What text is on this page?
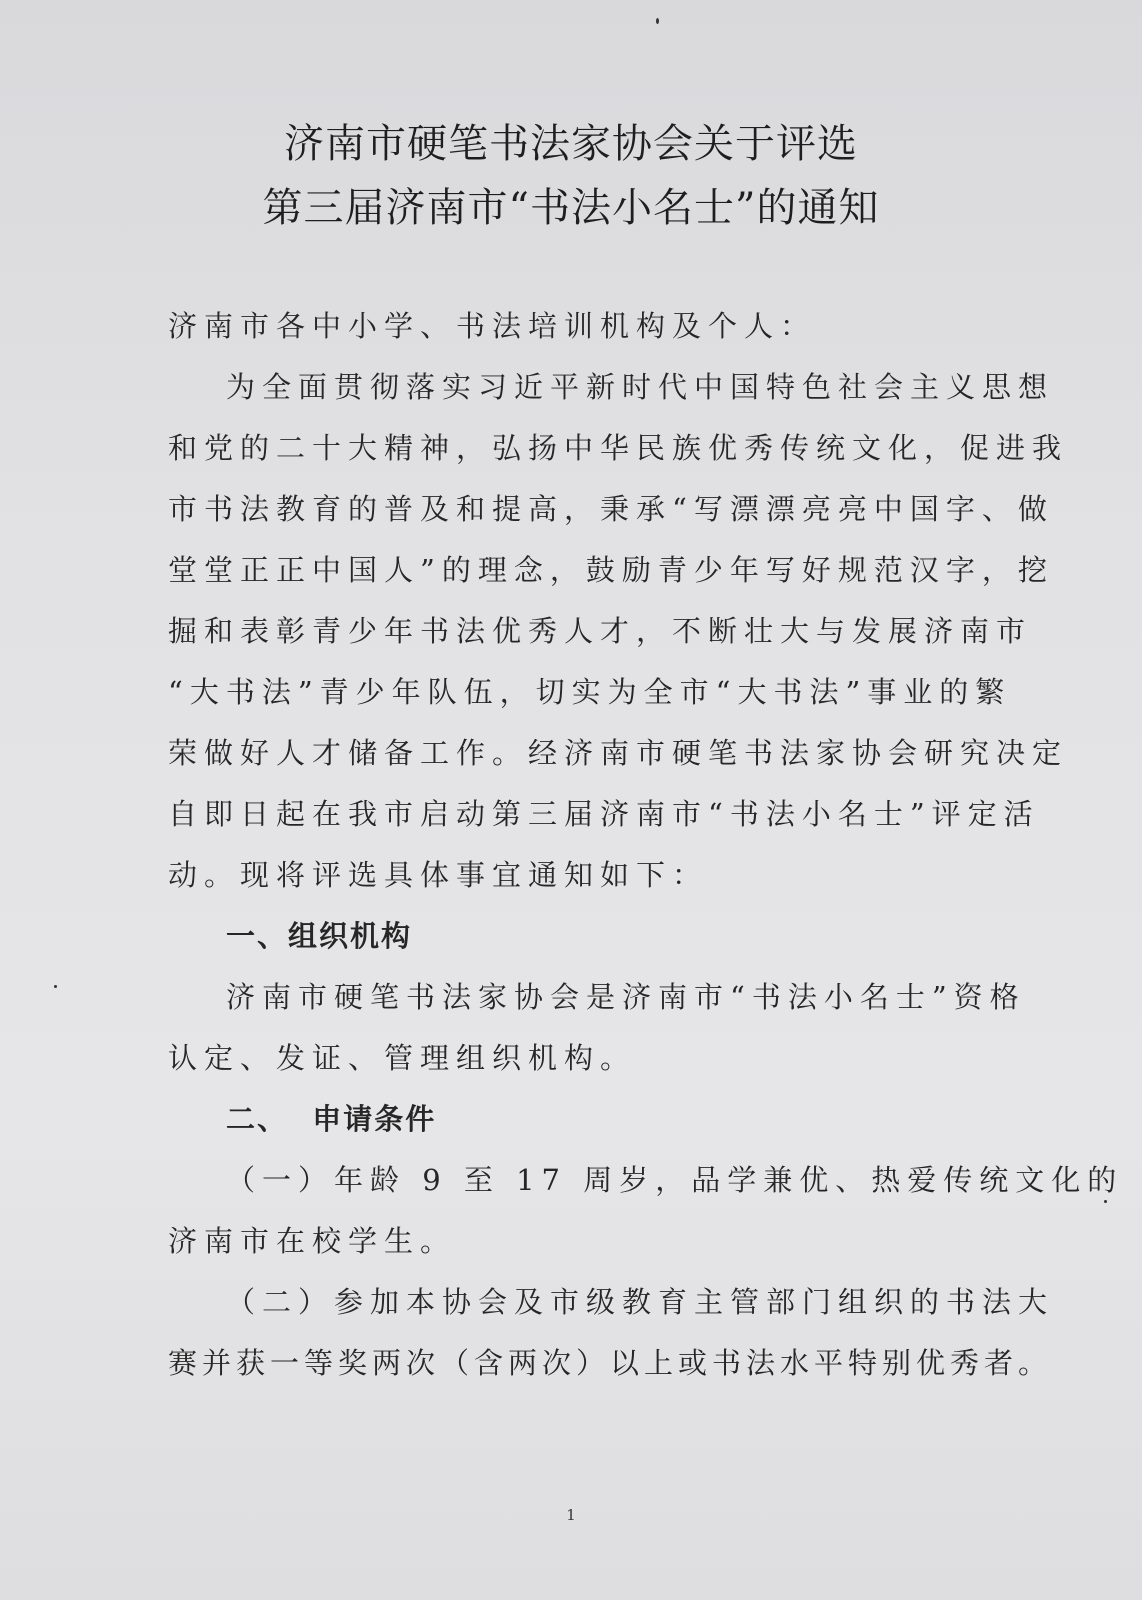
济南市硬笔书法家协会关于评选
第三届济南市“书法小名士”的通知
济南市各中小学、书法培训机构及个人：
为全面贯彻落实习近平新时代中国特色社会主义思想
和党的二十大精神，弘扬中华民族优秀传统文化，促进我
市书法教育的普及和提高，秉承“写漂漂亮亮中国字、做
堂堂正正中国人”的理念，鼓励青少年写好规范汉字，挖
掘和表彰青少年书法优秀人才，不断壮大与发展济南市
“大书法”青少年队伍，切实为全市“大书法”事业的繁
荣做好人才储备工作。经济南市硬笔书法家协会研究决定
自即日起在我市启动第三届济南市“书法小名士”评定活
动。现将评选具体事宜通知如下：
一、组织机构
济南市硬笔书法家协会是济南市“书法小名士”资格
认定、发证、管理组织机构。
二、  申请条件
（一）年龄 9 至 17 周岁，品学兼优、热爱传统文化的
济南市在校学生。
（二）参加本协会及市级教育主管部门组织的书法大
赛并获一等奖两次（含两次）以上或书法水平特别优秀者。
1
